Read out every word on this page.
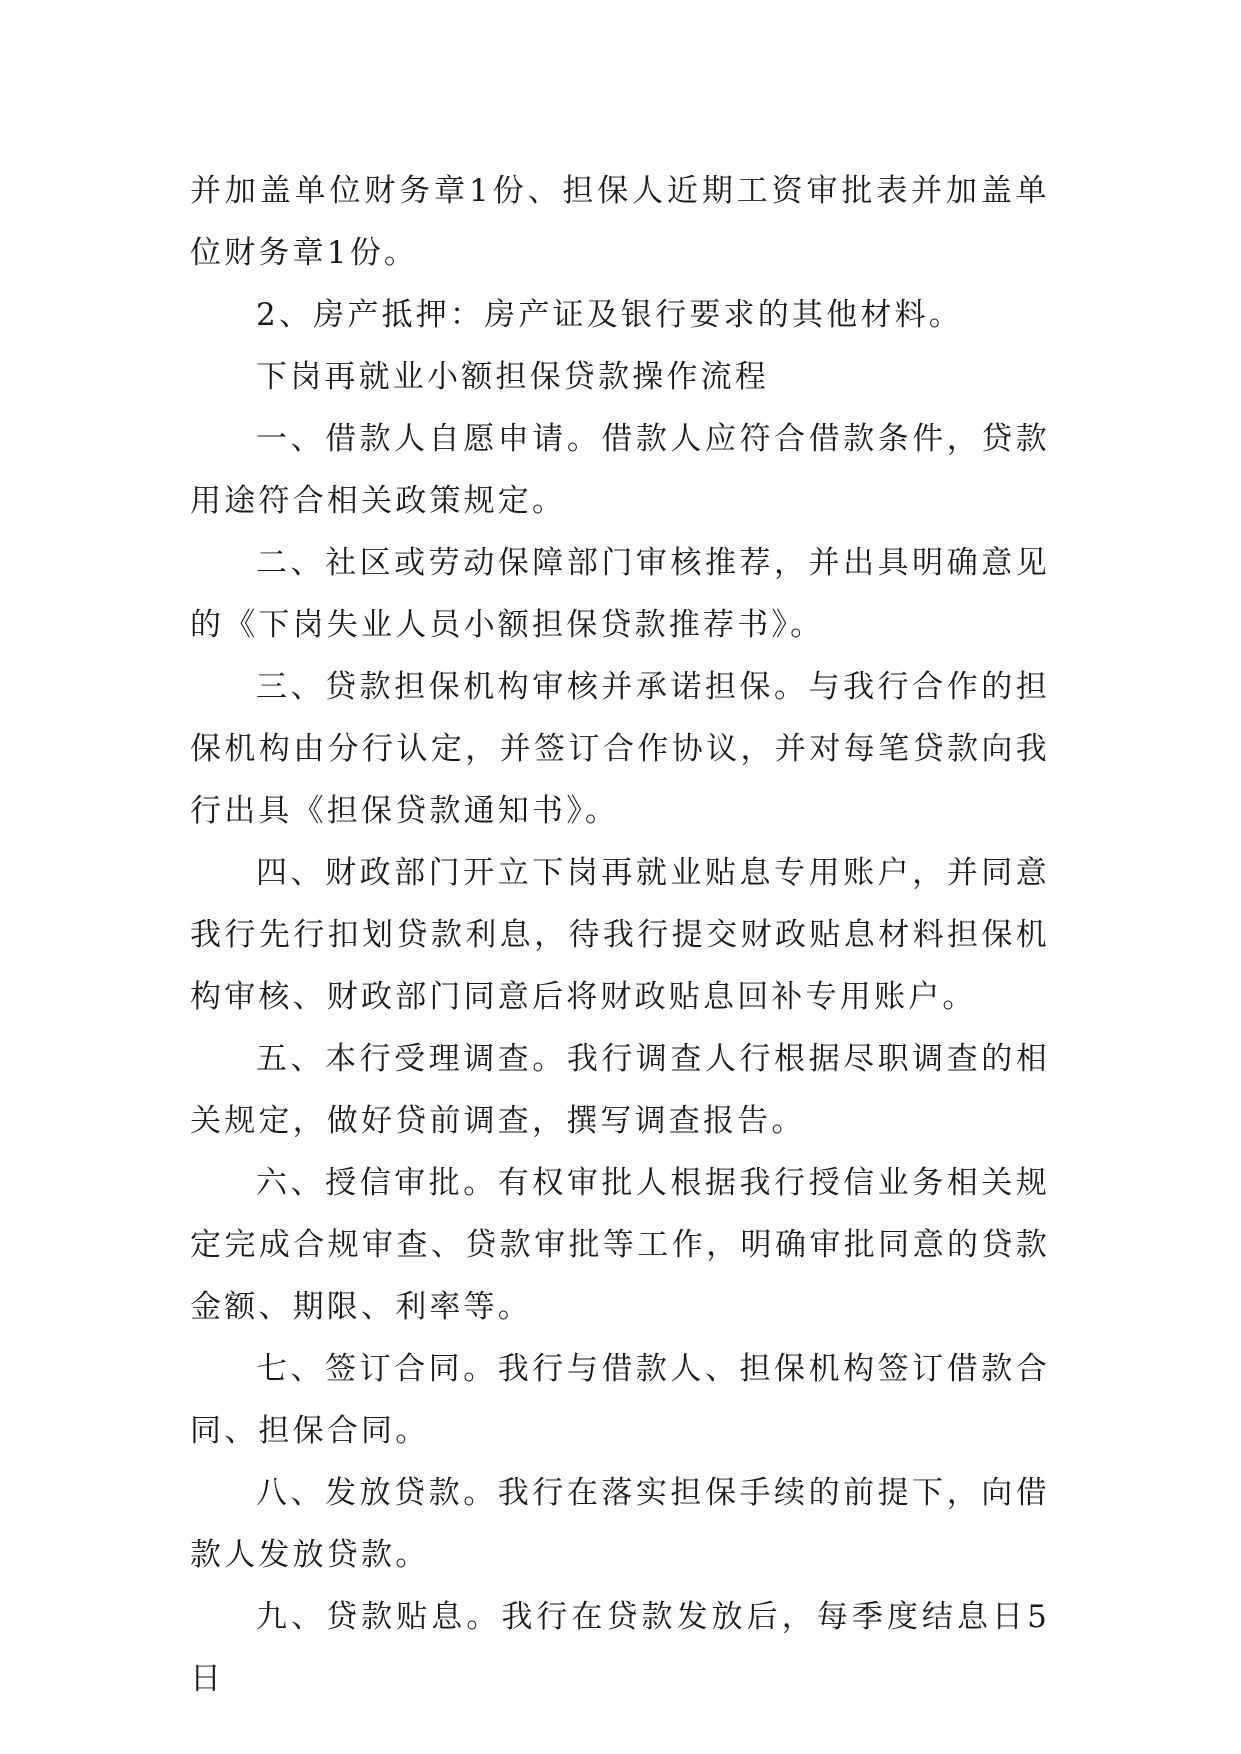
并加盖单位财务章1份、担保人近期工资审批表并加盖单位财务章1份。

2、房产抵押：房产证及银行要求的其他材料。

下岗再就业小额担保贷款操作流程

一、借款人自愿申请。借款人应符合借款条件，贷款用途符合相关政策规定。

二、社区或劳动保障部门审核推荐，并出具明确意见的《下岗失业人员小额担保贷款推荐书》。

三、贷款担保机构审核并承诺担保。与我行合作的担保机构由分行认定，并签订合作协议，并对每笔贷款向我行出具《担保贷款通知书》。

四、财政部门开立下岗再就业贴息专用账户，并同意我行先行扣划贷款利息，待我行提交财政贴息材料担保机构审核、财政部门同意后将财政贴息回补专用账户。

五、本行受理调查。我行调查人行根据尽职调查的相关规定，做好贷前调查，撰写调查报告。

六、授信审批。有权审批人根据我行授信业务相关规定完成合规审查、贷款审批等工作，明确审批同意的贷款金额、期限、利率等。

七、签订合同。我行与借款人、担保机构签订借款合同、担保合同。

八、发放贷款。我行在落实担保手续的前提下，向借款人发放贷款。

九、贷款贴息。我行在贷款发放后，每季度结息日5日
